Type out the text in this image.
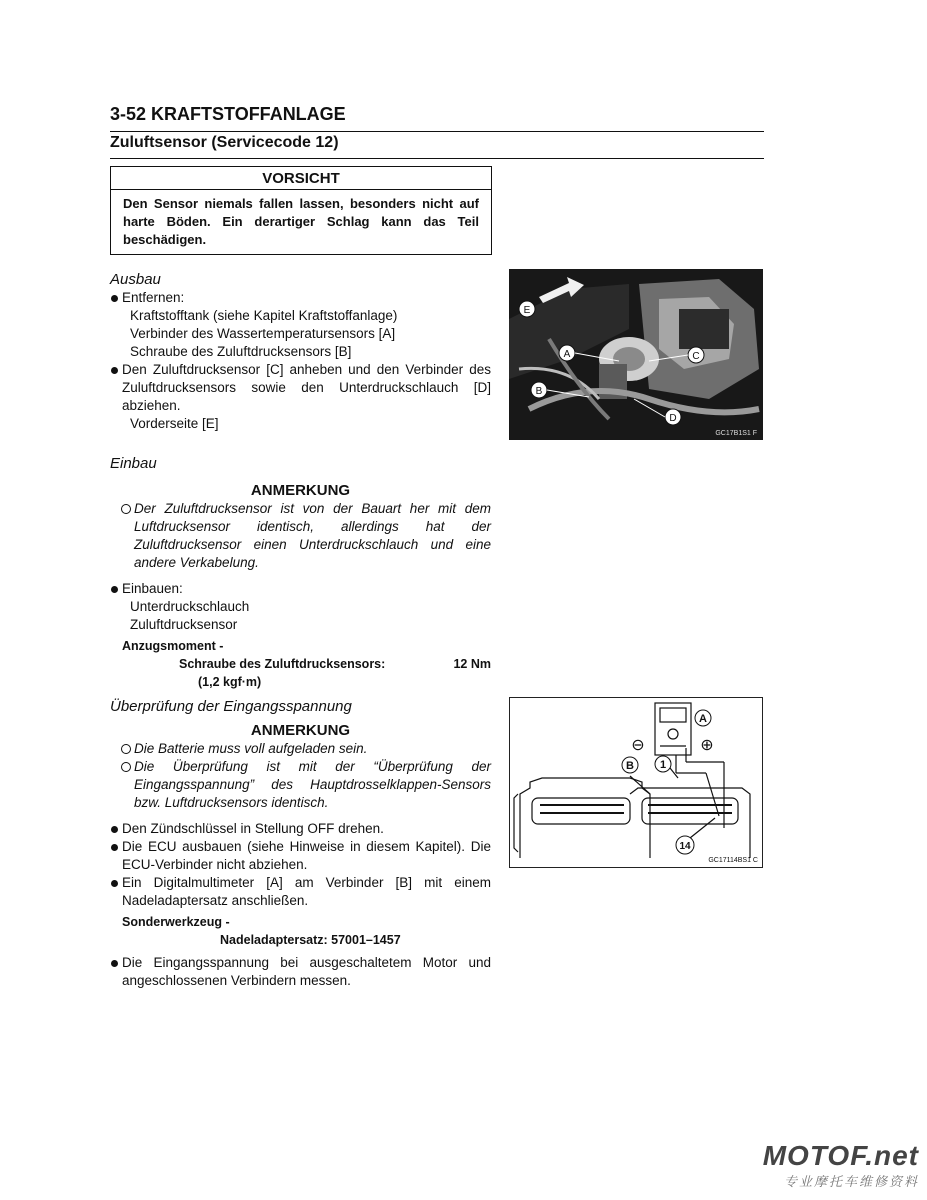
3-52 KRAFTSTOFFANLAGE
Zuluftsensor (Servicecode 12)
VORSICHT
Den Sensor niemals fallen lassen, besonders nicht auf harte Böden. Ein derartiger Schlag kann das Teil beschädigen.
Ausbau
Entfernen:
Kraftstofftank (siehe Kapitel Kraftstoffanlage)
Verbinder des Wassertemperatursensors [A]
Schraube des Zuluftdrucksensors [B]
Den Zuluftdrucksensor [C] anheben und den Verbinder des Zuluftdrucksensors sowie den Unterdruckschlauch [D] abziehen.
Vorderseite [E]
Einbau
ANMERKUNG
Der Zuluftdrucksensor ist von der Bauart her mit dem Luftdrucksensor identisch, allerdings hat der Zuluftdrucksensor einen Unterdruckschlauch und eine andere Verkabelung.
Einbauen:
Unterdruckschlauch
Zuluftdrucksensor
Anzugsmoment -
Schraube des Zuluftdrucksensors:	12 Nm
(1,2 kgf·m)
Überprüfung der Eingangsspannung
ANMERKUNG
Die Batterie muss voll aufgeladen sein.
Die Überprüfung ist mit der “Überprüfung der Eingangsspannung” des Hauptdrosselklappen-Sensors bzw. Luftdrucksensors identisch.
Den Zündschlüssel in Stellung OFF drehen.
Die ECU ausbauen (siehe Hinweise in diesem Kapitel). Die ECU-Verbinder nicht abziehen.
Ein Digitalmultimeter [A] am Verbinder [B] mit einem Nadeladaptersatz anschließen.
Sonderwerkzeug -
Nadeladaptersatz: 57001–1457
Die Eingangsspannung bei ausgeschaltetem Motor und angeschlossenen Verbindern messen.
A
B
C
D
E
GC17B1S1 F
A
B 1
14
⊖	⊕
GC17114BS1 C
MOTOF.net
专业摩托车维修资料
